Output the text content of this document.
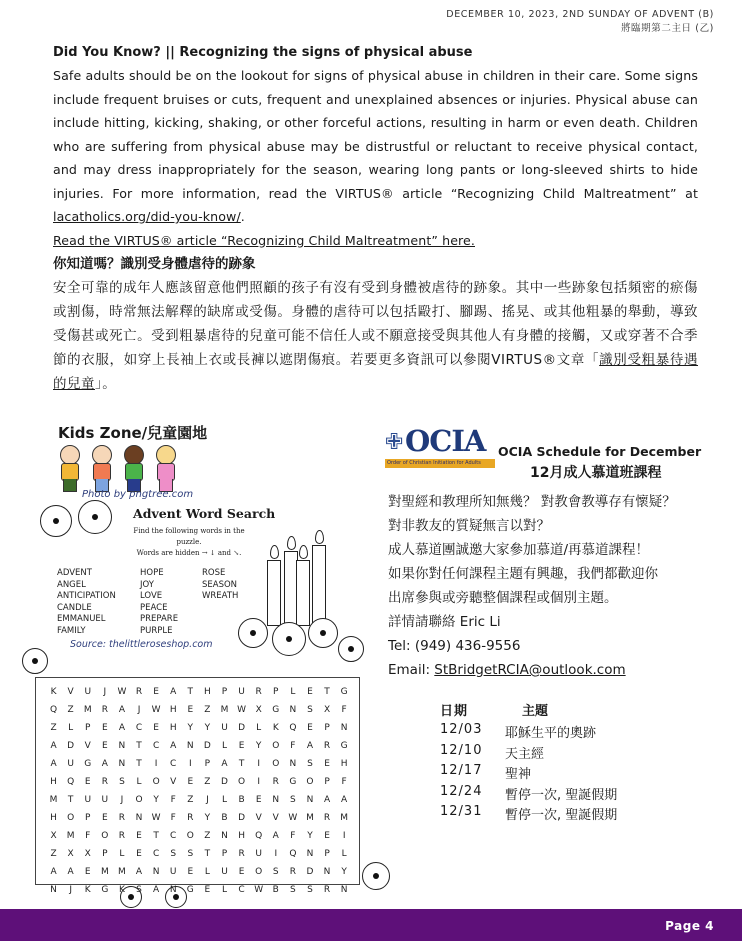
DECEMBER 10, 2023, 2ND SUNDAY OF ADVENT (B)
將臨期第二主日 (乙)

Did You Know? || Recognizing the signs of physical abuse

Safe adults should be on the lookout for signs of physical abuse in children in their care. Some signs include frequent bruises or cuts, frequent and unexplained absences or injuries. Physical abuse can include hitting, kicking, shaking, or other forceful actions, resulting in harm or even death. Children who are suffering from physical abuse may be distrustful or reluctant to receive physical contact, and may dress inappropriately for the season, wearing long pants or long-sleeved shirts to hide injuries. For more information, read the VIRTUS® article “Recognizing Child Maltreatment” at lacatholics.org/did-you-know/.

Read the VIRTUS® article “Recognizing Child Maltreatment” here.

你知道嗎？識別受身體虐待的跡象

安全可靠的成年人應該留意他們照顧的孩子有沒有受到身體被虐待的跡象。其中一些跡象包括頻密的瘀傷或割傷，時常無法解釋的缺席或受傷。身體的虐待可以包括毆打、腳踢、搖晃、或其他粗暴的舉動，導致受傷甚或死亡。受到粗暴虐待的兒童可能不信任人或不願意接受與其他人有身體的接觸，又或穿著不合季節的衣服，如穿上長袖上衣或長褲以遮閉傷痕。若要更多資訊可以參閱VIRTUS®文章「識別受粗暴待遇的兒童」。

Kids Zone/兒童園地
Photo by pngtree.com
Advent Word Search
Find the following words in the puzzle.
Words are hidden → ↓ and ↘.
ADVENT
ANGEL
ANTICIPATION
CANDLE
EMMANUEL
FAMILY
HOPE
JOY
LOVE
PEACE
PREPARE
PURPLE
ROSE
SEASON
WREATH
Source: thelittleroseshop.com
K	V	U	J	W	R	E	A	T	H	P	U	R	P	L	E	T	G
Q	Z	M	R	A	J	W	H	E	Z	M W	X	G	N	S	X	F
Z	L	P	E	A	C	E	H	Y	Y	U	D	L	K	Q	E	P	N
A	D	V	E	N	T	C	A	N	D	L	E	Y	O	F	A	R	G
A	U	G	A	N	T	I	C	I	P	A	T	I	O	N	S	E	H
H	Q	E	R	S	L	O	V	E	Z	D	O	I	R	G	O	P	F
M	T	U	U	J	O	Y	F	Z	J	L	B	E	N	S	N	A	A
H	O	P	E	R	N	W	F	R	Y	B	D	V	V	W M	R	M
X	M	F	O	R	E	T	C	O	Z	N	H	Q	A	F	Y	E	I
Z	X	X	P	L	E	C	S	S	T	P	R	U	I	Q	N	P	L
A	A	E	M	M	A	N	U	E	L	U	E	O	S	R	D	N	Y
N	J	K	G	K	S	A	N	G	E	L	C	W	B	S	S	R	N
✙ OCIA
Order of Christian Initiation for Adults
OCIA Schedule for December
12月成人慕道班課程

對聖經和教理所知無幾？ 對教會教導存有懷疑？

對非教友的質疑無言以對？

成人慕道團誠邀大家參加慕道/再慕道課程！

如果你對任何課程主題有興趣，我們都歡迎你

出席參與或旁聽整個課程或個別主題。

詳情請聯絡 Eric Li

Tel: (949) 436-9556

Email: StBridgetRCIA@outlook.com

日期	主題
12/03	耶穌生平的奧跡
12/10	天主經
12/17	聖神
12/24	暫停一次, 聖誕假期
12/31	暫停一次, 聖誕假期
Page 4
